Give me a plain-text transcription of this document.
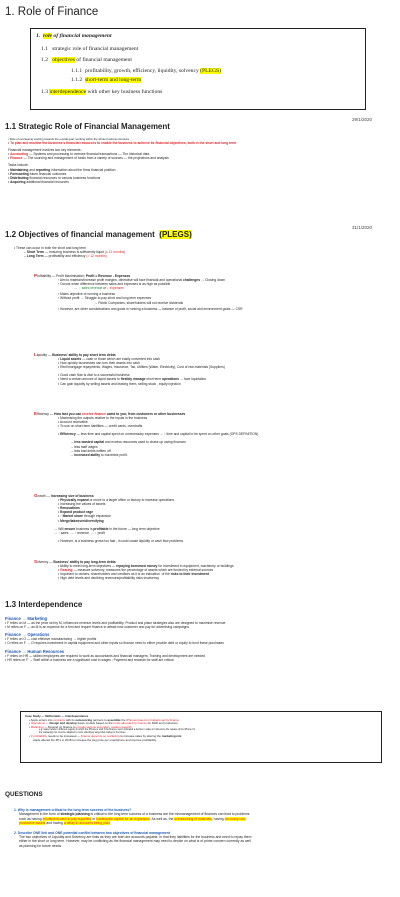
1. Role of Finance
1.  role of financial management
1.1 strategic role of financial management
1.2 objectives of financial management
1.1.1  profitability, growth, efficiency, liquidity, solvency (PLEGS)
1.1.2 short-term and long-term
1.3 interdependence with other key business functions
1.1 Strategic Role of Financial Management
29/1/2020
• Role of overseeing working towards the overall goal, working within the whole business structure
• To plan and monitor the business's financial resources to enable the business to achieve its financial objectives, both in the short and long term
Financial management involves two key elements:
• Accounting — Systems and processing to oversee financial transactions — The historical data
• Finance — The sourcing and management of funds from a variety of sources — the projections and analysis
Tasks include:
• Maintaining and reporting information about the firms financial position
• Forecasting future financial outcomes
• Distributing financial resources to various business functions
• Acquiring additional financial resources
1.2 Objectives of financial management (PLEGS)
31/1/2020
• These can occur in both the short and long term
– Short Term — ensuring business is sufficiently liquid (≤ 12 months)
– Long Term — profitability and efficiency (> 12 months)
Profitability — Profit Maximisation; Profit = Revenue - Expenses
› Aim to maintain/increase profit margins, otherwise will face financial and operational challenges → Closing down
› Occurs when difference between sales and expenses is as high as possible
→  ↑ sales revenue or ↓ expenses
› Mains objective of running a business
› Without profit → Struggle to pay short and long term expenses
→ Public Companies, shareholders will not receive dividends
› However, are other considerations and goals in running a business — balance of profit, social and environment goals — CSR
Liquidity — Business' ability to pay short term debts
• Liquid assets — cash or those which are easily converted into cash
• How quickly businesses can turn their assets into cash
• Rent/mortgage repayments, Wages, Insurance, Tax, Utilities (Water, Electricity), Cost of raw materials (Suppliers)
• Good cash flow is vital to a successful business
• Need a certain amount of liquid assets to flexibly manage short term operations → face liquidation
• Can gain liquidity by selling assets and leasing them, selling stock , equity injection
Efficiency — How fast you can receive finance owed to you; from customers or other businesses
• Maximising the outputs relative to the inputs in the business
• Account receivable
• To use on short-term liabilities — credit cards, overdrafts
• Efficiency — less time and capital spent on unnecessary expenses → ↑ time and capital to be spent on other goals (OPS DEFINITION)
→ less wasted capital and excess resources used to chase up owing finances
→ less staff wages
→ less bad debts written off
→ increased ability to maximise profit.
Growth — Increasing size of business
• Physically expand or move to a larger office or factory to increase operations
• Increasing the values of assets
• Renovations
• Expand product rage
• ↑ Market share through expansion
• Merge/takeover/diversifying
→ Will ensure business is profitable in the future — long term objective
→ ↑ sales  → ↑ revenue  → ↑ profit
• However, is a business grows too fast , it could cause liquidity or cash flow problems
Solvency — Business' ability to pay long-term debts
• Ability to meet long-term objectives — repaying borrowed money for investment in equipment, machinery or buildings
• Gearing — measure solvency; measures the percentage of assets which are funded by external sources
• Important to owners, shareholders and creditors as it is an indication  of the risks to their investment
• High debt levels and declining revenues/profitability risks insolvency
1.3 Interdependence
Finance → Marketing
• F relies on M — as the price set by M, influences revenue levels and profitability; Product and place strategies also are designed to maximise revenue
• M relies on F — as M is an expense for a firm and require finance to attract new customer and pay for advertising campaigns
Finance → Operations
• F relies on O — cost effective manufacturing → higher profits
• O relies on F → O requires investment in capital equipment and other inputs so finance need to either provide debt or equity to fund these purchases
Finance → Human Resources
• F relies on HR — skilled employees are required to work as accountants and financial managers; Training and development are needed
• HR relies on F → Staff within a business are a significant cost in wages ; Payment and rewards for staff are critical
Case Study — McDonalds — Interdependence
• Apple enters into contracts with its outsourcing partners to assemble the iPhones based on budgets set by finance
• Operations — Design and develop future models based on the funds allocated by finance for R&D and production.
• Marketing — Depend on finance to provide various secondary market research
e.g. sales trends in different regions in which the iPhone is sold if the finance report indicated a decline in sales in India since the release of the iPhone XL
the marketing mix must be adapted to more effectively target that market in the future
• If profitability needs to be increased — finance depends on marketing to increase sales by altering the marketing mix.
Apple altered the 4P's in 2018 to increase the avg price per smartphone and improve profitability.
QUESTIONS
1. Why is management critical to the long term success of the business?
Management in the form of strategic planning is critical to the long term success of a business are the mismanagement of finances can lead to problems
such as having insufficient cash to pay suppliers or inadequate capital for an expansion. As well as, the overstocking of materials, having too many non-
productive assets and having a delay in accounts being paid
2. Describe ONE link and ONE potential conflict between two objectives of financial management
The two objectives of Liquidity and Solvency are links as they are both are accounts payable, in that they liabilities for the business and need to repay them
either in the short or long term. However, may be conflicting as the financial management may need to decide on what is of prime concern currently as well
as planning for future needs.
